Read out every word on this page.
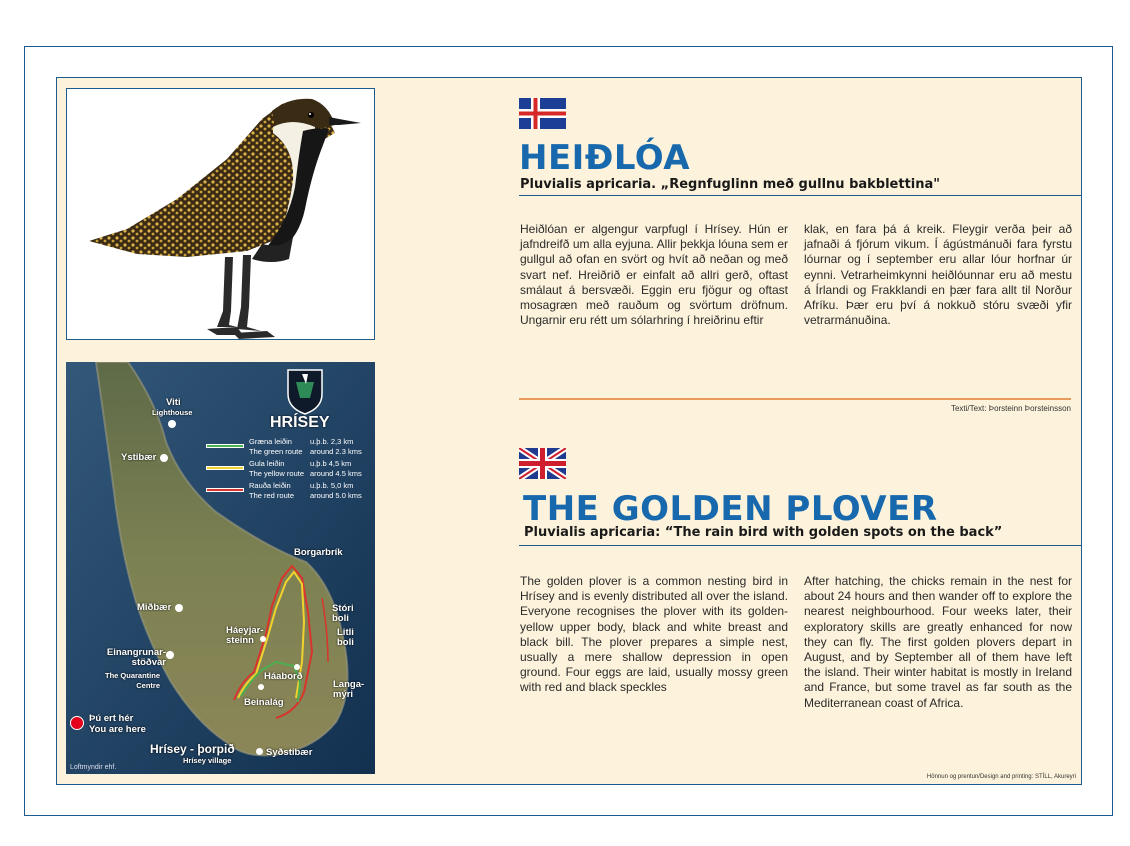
HRÍSEY
Græna leiðin
The green route
u.þ.b. 2,3 km
around 2.3 kms
Gula leiðin
The yellow route
u.þ.b 4,5 km
around 4.5 kms
Rauða leiðin
The red route
u.þ.b. 5,0 km
around 5.0 kms
Viti
Lighthouse
Ystibær
Borgarbrík
Miðbær	Stóri boli
Litli boli
Háeyjar- steinn
Einangrunar- stöðvar
The Quarantine Centre
Háaborð
Langa- mýri
Beinalág
Þú ert hér
You are here
Hrísey - þorpið
Hrísey village
Syðstibær
Loftmyndir ehf.
HEIÐLÓA
Pluvialis apricaria. „Regnfuglinn með gullnu bakblettina"
Heiðlóan er algengur varpfugl í Hrísey. Hún er jafndreifð um alla eyjuna. Allir þekkja lóuna sem er gullgul að ofan en svört og hvít að neðan og með svart nef. Hreiðrið er einfalt að allri gerð, oftast smálaut á bersvæði. Eggin eru fjögur og oftast mosagræn með rauðum og svörtum dröfnum. Ungarnir eru rétt um sólarhring í hreiðrinu eftir
klak, en fara þá á kreik. Fleygir verða þeir að jafnaði á fjórum vikum. Í ágústmánuði fara fyrstu lóurnar og í september eru allar lóur horfnar úr eynni. Vetrarheimkynni heiðlóunnar eru að mestu á Írlandi og Frakklandi en þær fara allt til Norður Afríku. Þær eru því á nokkuð stóru svæði yfir vetrarmánuðina.
Texti/Text: Þorsteinn Þorsteinsson
THE GOLDEN PLOVER
Pluvialis apricaria: “The rain bird with golden spots on the back”
The golden plover is a common nesting bird in Hrísey and is evenly distributed all over the island. Everyone recognises the plover with its golden-yellow upper body, black and white breast and black bill. The plover prepares a simple nest, usually a mere shallow depression in open ground. Four eggs are laid, usually mossy green with red and black speckles
After hatching, the chicks remain in the nest for about 24 hours and then wander off to explore the nearest neighbourhood. Four weeks later, their exploratory skills are greatly enhanced for now they can fly. The first golden plovers depart in August, and by September all of them have left the island. Their winter habitat is mostly in Ireland and France, but some travel as far south as the Mediterranean coast of Africa.
Hönnun og prentun/Design and printing: STÍLL, Akureyri
